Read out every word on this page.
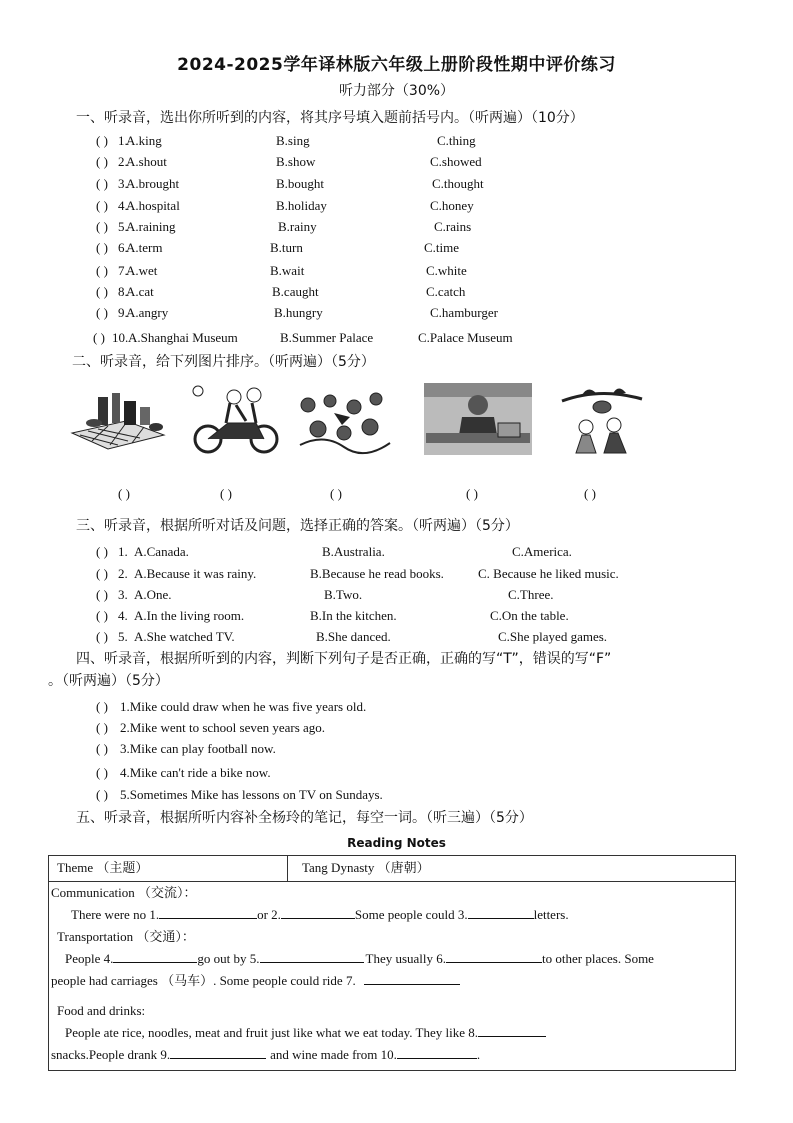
2024-2025学年译林版六年级上册阶段性期中评价练习
听力部分（30%）
一、听录音，选出你所听到的内容，将其序号填入题前括号内。（听两遍）（10分）
( ) 1.
A.king	B.sing	C.thing
( ) 2.
A.shout	B.show	C.showed
( ) 3.
A.brought	B.bought	C.thought
( ) 4.
A.hospital	B.holiday	C.honey
( ) 5.
A.raining	B.rainy	C.rains
( ) 6.
A.term	B.turn	C.time
( ) 7.
A.wet	B.wait	C.white
( ) 8.
A.cat	B.caught	C.catch
( ) 9.
A.angry	B.hungry	C.hamburger
( ) 10. A.Shanghai Museum	B.Summer Palace	C.Palace Museum
二、听录音，给下列图片排序。（听两遍）（5分）
( )	( )	( )	( )	( )
三、听录音，根据所听对话及问题，选择正确的答案。（听两遍）（5分）
( ) 1. A.Canada.	B.Australia.	C.America.
( ) 2. A.Because it was rainy.	B.Because he read books.	C. Because he liked music.
( ) 3. A.One.	B.Two.	C.Three.
( ) 4. A.In the living room.	B.In the kitchen.	C.On the table.
( ) 5. A.She watched TV.	B.She danced.	C.She played games.
四、听录音，根据所听到的内容，判断下列句子是否正确，正确的写“T”，错误的写“F”
。（听两遍）（5分）
( ) 1.Mike could draw when he was five years old.
( ) 2.Mike went to school seven years ago.
( ) 3.Mike can play football now.
( ) 4.Mike can't ride a bike now.
( ) 5.Sometimes Mike has lessons on TV on Sundays.
五、听录音，根据所听内容补全杨玲的笔记，每空一词。（听三遍）（5分）
Reading Notes
Theme （主题）	Tang Dynasty （唐朝）

Communication （交流）：
There were no 1.	or 2.	Some people could 3.	letters.
Transportation （交通）：
People 4.	go out by 5.	They usually 6.	to other places. Some
people had carriages （马车）. Some people could ride 7.
Food and drinks:
People ate rice, noodles, meat and fruit just like what we eat today. They like 8.
snacks.People drank 9.	and wine made from 10.	.
